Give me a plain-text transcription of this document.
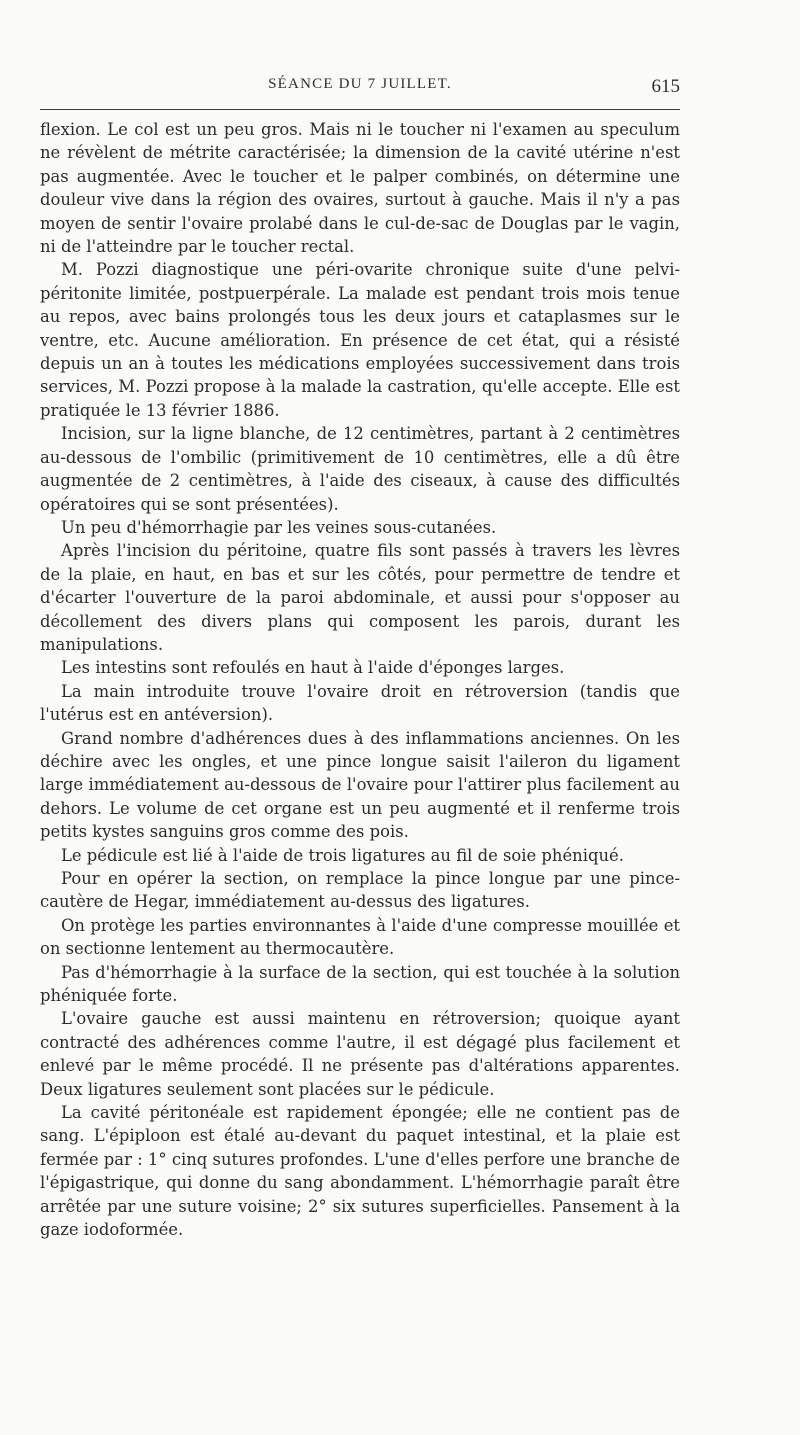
SÉANCE DU 7 JUILLET.	615

flexion. Le col est un peu gros. Mais ni le toucher ni l'examen au speculum ne révèlent de métrite caractérisée; la dimension de la cavité utérine n'est pas augmentée. Avec le toucher et le palper combinés, on détermine une douleur vive dans la région des ovaires, surtout à gauche. Mais il n'y a pas moyen de sentir l'ovaire prolabé dans le cul-de-sac de Douglas par le vagin, ni de l'atteindre par le toucher rectal.

M. Pozzi diagnostique une péri-ovarite chronique suite d'une pelvi-péritonite limitée, postpuerpérale. La malade est pendant trois mois tenue au repos, avec bains prolongés tous les deux jours et cataplasmes sur le ventre, etc. Aucune amélioration. En présence de cet état, qui a résisté depuis un an à toutes les médications employées successivement dans trois services, M. Pozzi propose à la malade la castration, qu'elle accepte. Elle est pratiquée le 13 février 1886.

Incision, sur la ligne blanche, de 12 centimètres, partant à 2 centimètres au-dessous de l'ombilic (primitivement de 10 centimètres, elle a dû être augmentée de 2 centimètres, à l'aide des ciseaux, à cause des difficultés opératoires qui se sont présentées).

Un peu d'hémorrhagie par les veines sous-cutanées.

Après l'incision du péritoine, quatre fils sont passés à travers les lèvres de la plaie, en haut, en bas et sur les côtés, pour permettre de tendre et d'écarter l'ouverture de la paroi abdominale, et aussi pour s'opposer au décollement des divers plans qui composent les parois, durant les manipulations.

Les intestins sont refoulés en haut à l'aide d'éponges larges.

La main introduite trouve l'ovaire droit en rétroversion (tandis que l'utérus est en antéversion).

Grand nombre d'adhérences dues à des inflammations anciennes. On les déchire avec les ongles, et une pince longue saisit l'aileron du ligament large immédiatement au-dessous de l'ovaire pour l'attirer plus facilement au dehors. Le volume de cet organe est un peu augmenté et il renferme trois petits kystes sanguins gros comme des pois.

Le pédicule est lié à l'aide de trois ligatures au fil de soie phéniqué.

Pour en opérer la section, on remplace la pince longue par une pince-cautère de Hegar, immédiatement au-dessus des ligatures.

On protège les parties environnantes à l'aide d'une compresse mouillée et on sectionne lentement au thermocautère.

Pas d'hémorrhagie à la surface de la section, qui est touchée à la solution phéniquée forte.

L'ovaire gauche est aussi maintenu en rétroversion; quoique ayant contracté des adhérences comme l'autre, il est dégagé plus facilement et enlevé par le même procédé. Il ne présente pas d'altérations apparentes. Deux ligatures seulement sont placées sur le pédicule.

La cavité péritonéale est rapidement épongée; elle ne contient pas de sang. L'épiploon est étalé au-devant du paquet intestinal, et la plaie est fermée par : 1° cinq sutures profondes. L'une d'elles perfore une branche de l'épigastrique, qui donne du sang abondamment. L'hémorrhagie paraît être arrêtée par une suture voisine; 2° six sutures superficielles. Pansement à la gaze iodoformée.
